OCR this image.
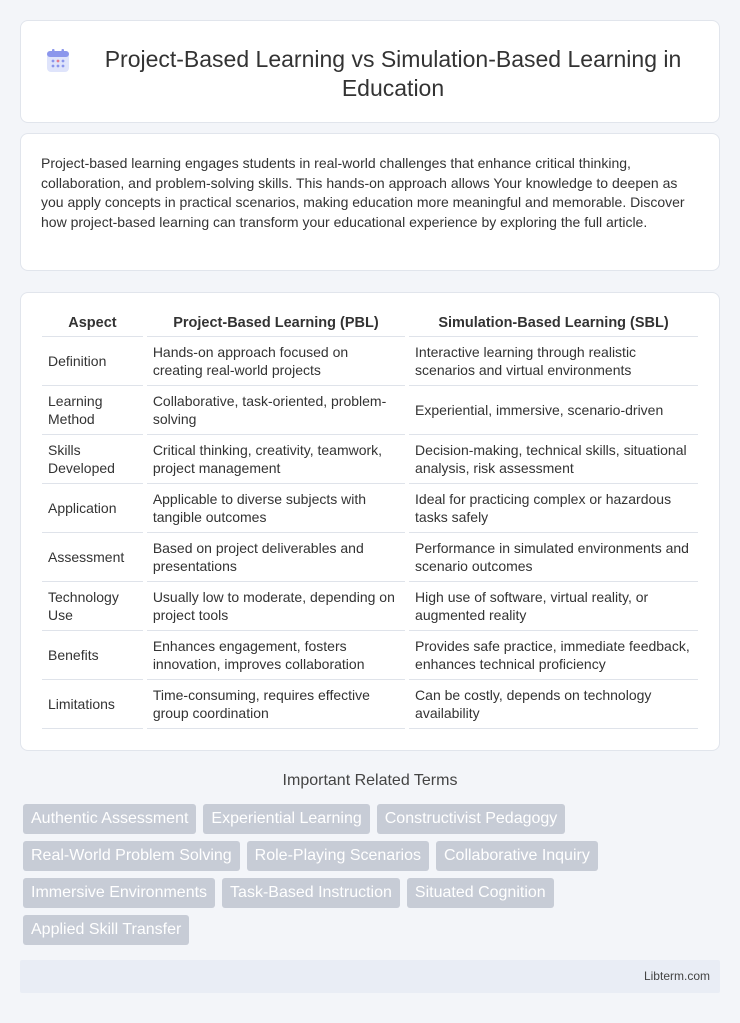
Project-Based Learning vs Simulation-Based Learning in Education

Project-based learning engages students in real-world challenges that enhance critical thinking, collaboration, and problem-solving skills. This hands-on approach allows Your knowledge to deepen as you apply concepts in practical scenarios, making education more meaningful and memorable. Discover how project-based learning can transform your educational experience by exploring the full article.

Aspect		Project-Based Learning (PBL)		Simulation-Based Learning (SBL)
Definition		Hands-on approach focused on creating real-world projects		Interactive learning through realistic scenarios and virtual environments
Learning Method		Collaborative, task-oriented, problem-solving		Experiential, immersive, scenario-driven
Skills Developed		Critical thinking, creativity, teamwork, project management		Decision-making, technical skills, situational analysis, risk assessment
Application		Applicable to diverse subjects with tangible outcomes		Ideal for practicing complex or hazardous tasks safely
Assessment		Based on project deliverables and presentations		Performance in simulated environments and scenario outcomes
Technology Use		Usually low to moderate, depending on project tools		High use of software, virtual reality, or augmented reality
Benefits		Enhances engagement, fosters innovation, improves collaboration		Provides safe practice, immediate feedback, enhances technical proficiency
Limitations		Time-consuming, requires effective group coordination		Can be costly, depends on technology availability
Important Related Terms
Authentic Assessment	Experiential Learning	Constructivist Pedagogy
Real-World Problem Solving	Role-Playing Scenarios	Collaborative Inquiry
Immersive Environments	Task-Based Instruction	Situated Cognition
Applied Skill Transfer
Libterm.com
